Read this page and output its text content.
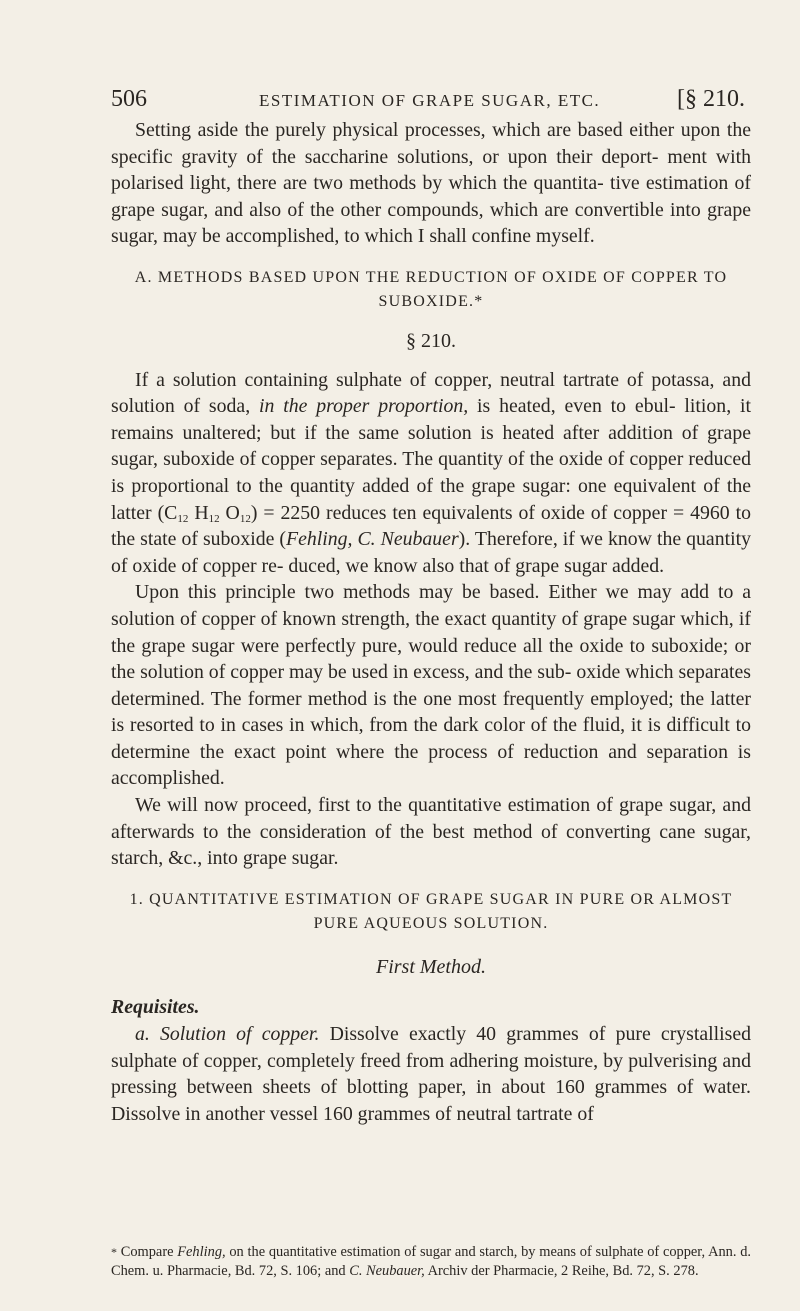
506	ESTIMATION OF GRAPE SUGAR, ETC.	[§ 210.

Setting aside the purely physical processes, which are based either upon the specific gravity of the saccharine solutions, or upon their deport- ment with polarised light, there are two methods by which the quantita- tive estimation of grape sugar, and also of the other compounds, which are convertible into grape sugar, may be accomplished, to which I shall confine myself.

A. METHODS BASED UPON THE REDUCTION OF OXIDE OF COPPER TO SUBOXIDE.*
§ 210.

If a solution containing sulphate of copper, neutral tartrate of potassa, and solution of soda, in the proper proportion, is heated, even to ebul- lition, it remains unaltered; but if the same solution is heated after addition of grape sugar, suboxide of copper separates. The quantity of the oxide of copper reduced is proportional to the quantity added of the grape sugar: one equivalent of the latter ($C_{12}$ $H_{12}$ $O_{12}) = 2250$ reduces ten equivalents of oxide of copper = 4960 to the state of suboxide (Fehling, C. Neubauer). Therefore, if we know the quantity of oxide of copper re- duced, we know also that of grape sugar added.

Upon this principle two methods may be based. Either we may add to a solution of copper of known strength, the exact quantity of grape sugar which, if the grape sugar were perfectly pure, would reduce all the oxide to suboxide; or the solution of copper may be used in excess, and the sub- oxide which separates determined. The former method is the one most frequently employed; the latter is resorted to in cases in which, from the dark color of the fluid, it is difficult to determine the exact point where the process of reduction and separation is accomplished.

We will now proceed, first to the quantitative estimation of grape sugar, and afterwards to the consideration of the best method of converting cane sugar, starch, &c., into grape sugar.

1. QUANTITATIVE ESTIMATION OF GRAPE SUGAR IN PURE OR ALMOST PURE AQUEOUS SOLUTION.
First Method.

Requisites.

a. Solution of copper. Dissolve exactly 40 grammes of pure crystallised sulphate of copper, completely freed from adhering moisture, by pulverising and pressing between sheets of blotting paper, in about 160 grammes of water. Dissolve in another vessel 160 grammes of neutral tartrate of

* Compare Fehling, on the quantitative estimation of sugar and starch, by means of sulphate of copper, Ann. d. Chem. u. Pharmacie, Bd. 72, S. 106; and C. Neubauer, Archiv der Pharmacie, 2 Reihe, Bd. 72, S. 278.
